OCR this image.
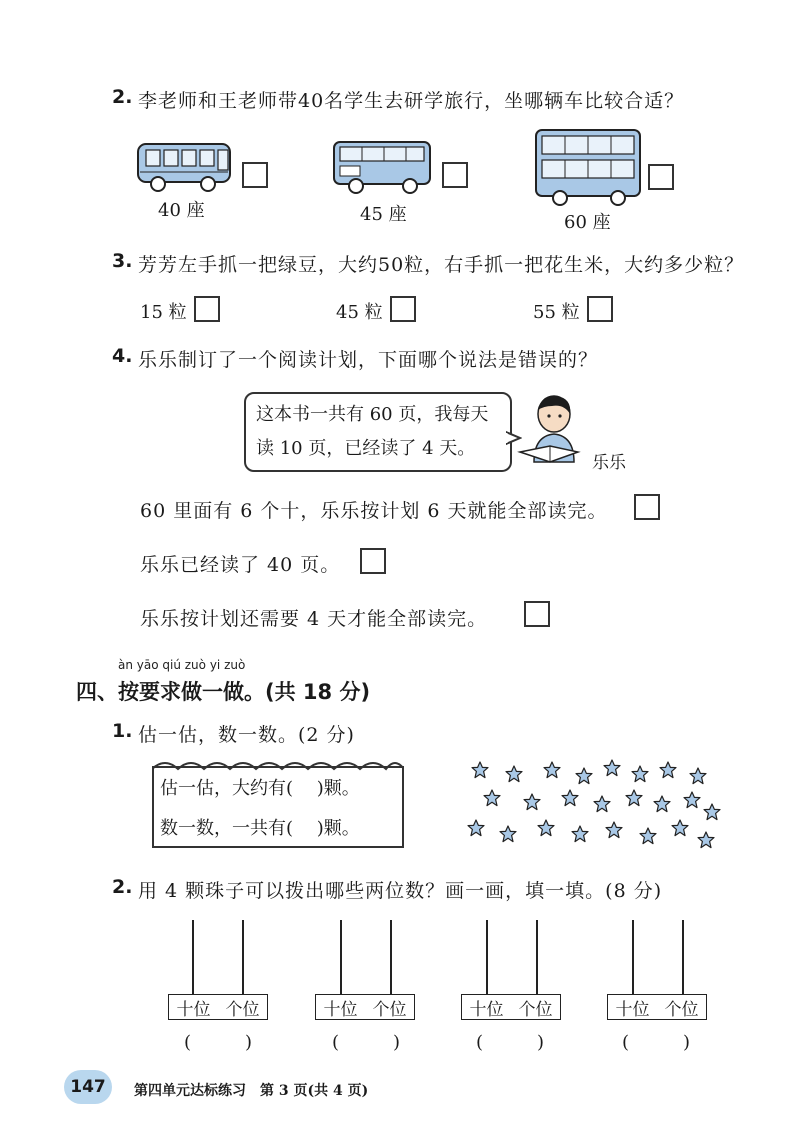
2. 李老师和王老师带40名学生去研学旅行，坐哪辆车比较合适？
40 座	45 座	60 座
3. 芳芳左手抓一把绿豆，大约50粒，右手抓一把花生米，大约多少粒？
15 粒	45 粒	55 粒
4. 乐乐制订了一个阅读计划，下面哪个说法是错误的？
这本书一共有 60 页，我每天
读 10 页，已经读了 4 天。
乐乐
60 里面有 6 个十，乐乐按计划 6 天就能全部读完。
乐乐已经读了 40 页。
乐乐按计划还需要 4 天才能全部读完。
àn yāo qiú zuò yi zuò
四、按要求做一做。(共 18 分)
1. 估一估，数一数。(2 分)
估一估，大约有(　 )颗。
数一数，一共有(　 )颗。
2. 用 4 颗珠子可以拨出哪些两位数？画一画，填一填。(8 分)
十位 个位
(　　　)
十位 个位
(　　　)
十位 个位
(　　　)
十位 个位
(　　　)
147	第四单元达标练习　第 3 页(共 4 页)
